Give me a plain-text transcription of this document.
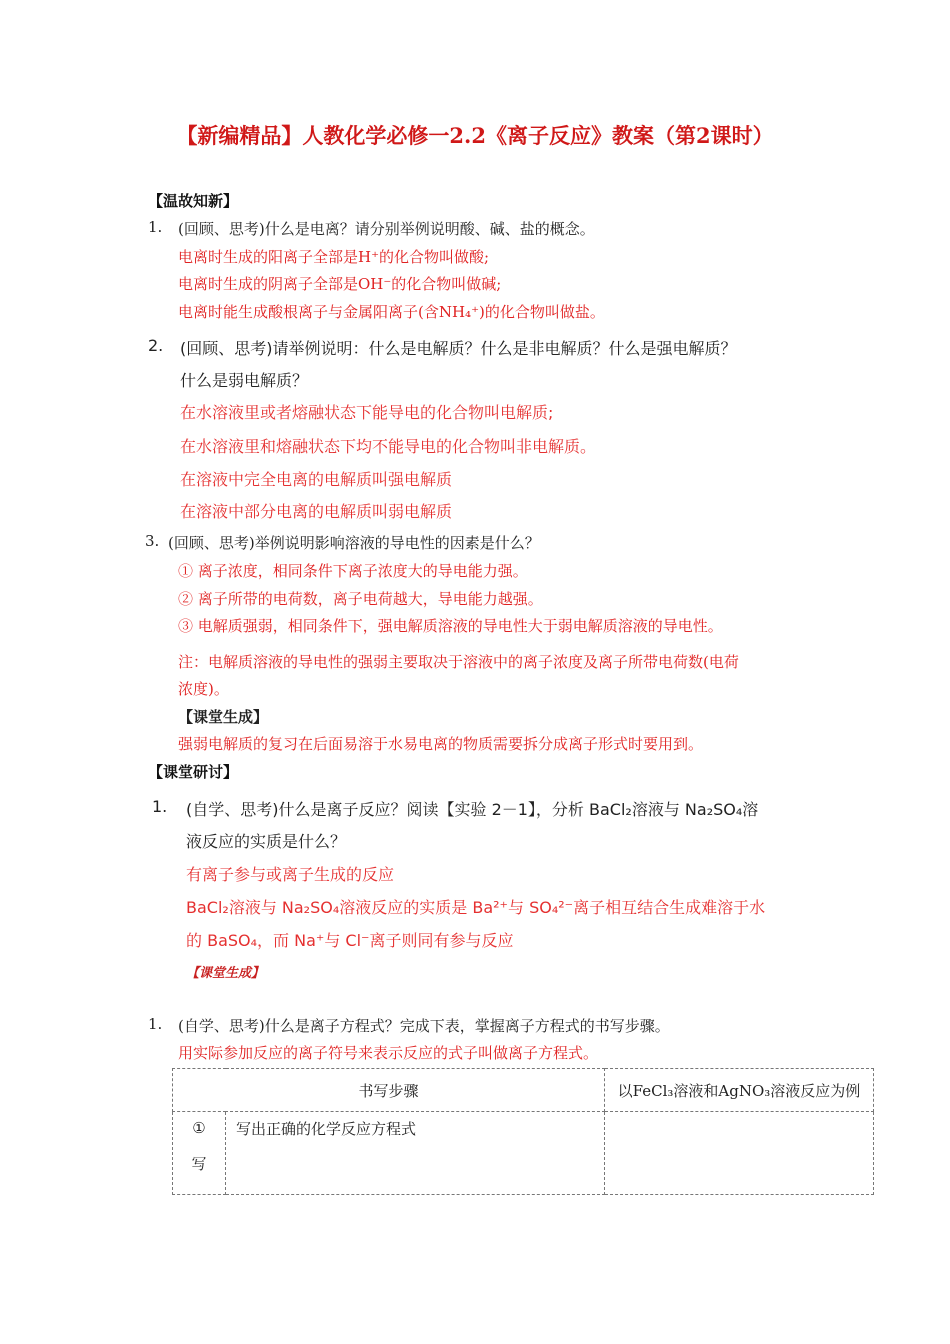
【新编精品】人教化学必修一2.2《离子反应》教案（第2课时）
【温故知新】
1. (回顾、思考)什么是电离？请分别举例说明酸、碱、盐的概念。
电离时生成的阳离子全部是H⁺的化合物叫做酸;
电离时生成的阴离子全部是OH⁻的化合物叫做碱;
电离时能生成酸根离子与金属阳离子(含NH₄⁺)的化合物叫做盐。
2. (回顾、思考)请举例说明：什么是电解质？什么是非电解质？什么是强电解质？
什么是弱电解质？
在水溶液里或者熔融状态下能导电的化合物叫电解质;
在水溶液里和熔融状态下均不能导电的化合物叫非电解质。
在溶液中完全电离的电解质叫强电解质
在溶液中部分电离的电解质叫弱电解质
3. (回顾、思考)举例说明影响溶液的导电性的因素是什么？
① 离子浓度，相同条件下离子浓度大的导电能力强。
② 离子所带的电荷数，离子电荷越大，导电能力越强。
③ 电解质强弱，相同条件下，强电解质溶液的导电性大于弱电解质溶液的导电性。
注：电解质溶液的导电性的强弱主要取决于溶液中的离子浓度及离子所带电荷数(电荷
浓度)。
【课堂生成】
强弱电解质的复习在后面易溶于水易电离的物质需要拆分成离子形式时要用到。
【课堂研讨】
1. (自学、思考)什么是离子反应？阅读【实验 2－1】，分析 BaCl₂溶液与 Na₂SO₄溶
液反应的实质是什么？
有离子参与或离子生成的反应
BaCl₂溶液与 Na₂SO₄溶液反应的实质是 Ba²⁺与 SO₄²⁻离子相互结合生成难溶于水
的 BaSO₄，而 Na⁺与 Cl⁻离子则同有参与反应
【课堂生成】
1. (自学、思考)什么是离子方程式？完成下表，掌握离子方程式的书写步骤。
用实际参加反应的离子符号来表示反应的式子叫做离子方程式。
书写步骤		以FeCl₃溶液和AgNO₃溶液反应为例

①
写	写出正确的化学反应方程式	
